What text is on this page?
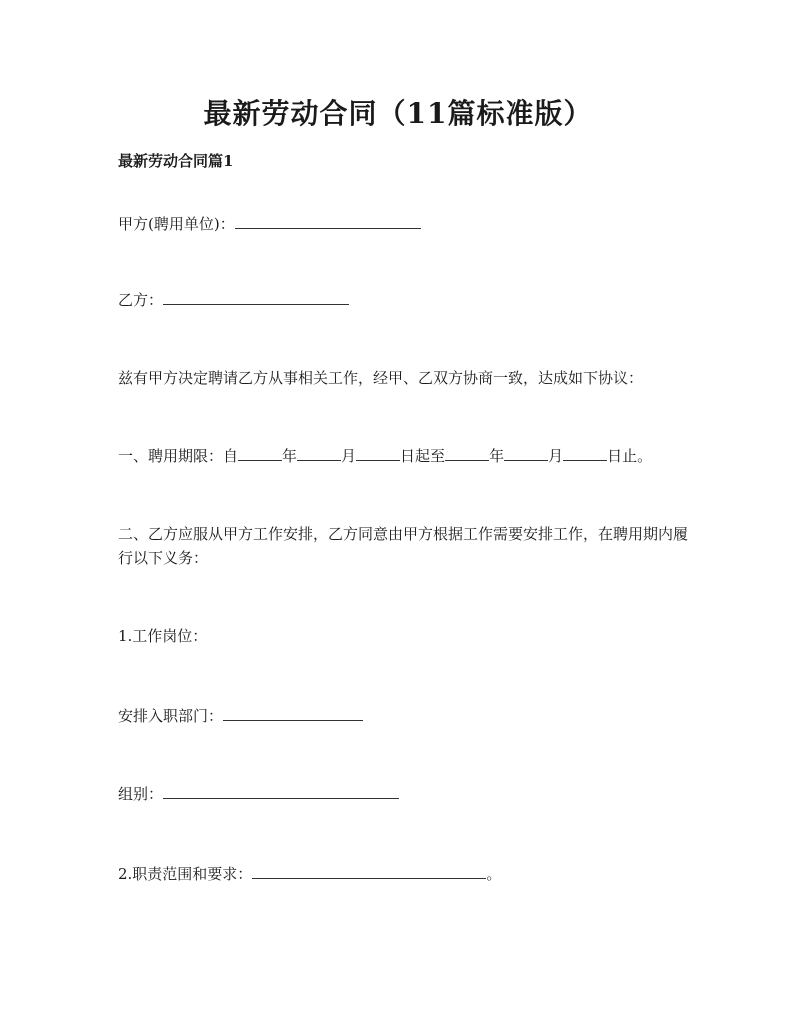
最新劳动合同（11篇标准版）
最新劳动合同篇1
甲方(聘用单位)：
乙方：
兹有甲方决定聘请乙方从事相关工作，经甲、乙双方协商一致，达成如下协议：
一、聘用期限：自	年	月	日起至	年	月	日止。
二、乙方应服从甲方工作安排，乙方同意由甲方根据工作需要安排工作，在聘用期内履行以下义务：
1.工作岗位：
安排入职部门：
组别：
2.职责范围和要求：	。
